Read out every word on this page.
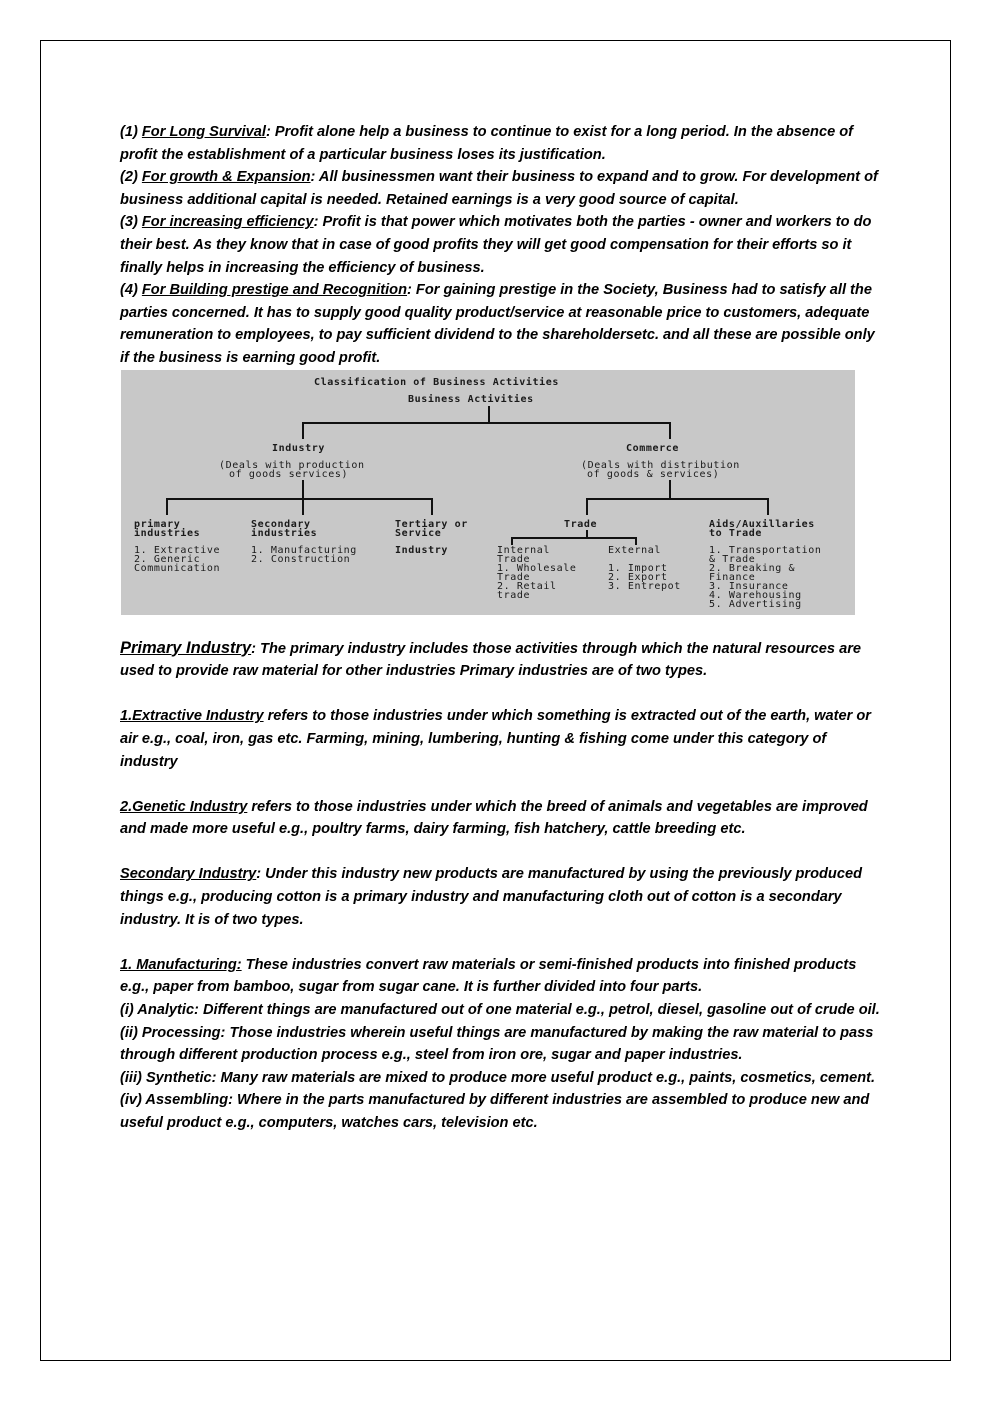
(1) For Long Survival: Profit alone help a business to continue to exist for a long period. In the absence of profit the establishment of a particular business loses its justification.

(2) For growth & Expansion: All businessmen want their business to expand and to grow. For development of business additional capital is needed. Retained earnings is a very good source of capital.

(3) For increasing efficiency: Profit is that power which motivates both the parties - owner and workers to do their best. As they know that in case of good profits they will get good compensation for their efforts so it finally helps in increasing the efficiency of business.

(4) For Building prestige and Recognition: For gaining prestige in the Society, Business had to satisfy all the parties concerned. It has to supply good quality product/service at reasonable price to customers, adequate remuneration to employees, to pay sufficient dividend to the shareholdersetc. and all these are possible only if the business is earning good profit.

Classification of Business Activities
Business Activities
Industry
(Deals with production
of goods services)
Commerce
(Deals with distribution
of goods & services)
primary
industries
1. Extractive
2. Generic
Communication
Secondary
industries
1. Manufacturing
2. Construction
Tertiary or
Service
Industry
Trade
Internal
Trade
1. Wholesale
Trade
2. Retail
trade
External
1. Import
2. Export
3. Entrepot
Aids/Auxillaries
to Trade
1. Transportation
& Trade
2. Breaking &
Finance
3. Insurance
4. Warehousing
5. Advertising

Primary Industry: The primary industry includes those activities through which the natural resources are used to provide raw material for other industries Primary industries are of two types.

1.Extractive Industry refers to those industries under which something is extracted out of the earth, water or air e.g., coal, iron, gas etc. Farming, mining, lumbering, hunting & fishing come under this category of industry

2.Genetic Industry refers to those industries under which the breed of animals and vegetables are improved and made more useful e.g., poultry farms, dairy farming, fish hatchery, cattle breeding etc.

Secondary Industry: Under this industry new products are manufactured by using the previously produced things e.g., producing cotton is a primary industry and manufacturing cloth out of cotton is a secondary industry. It is of two types.

1. Manufacturing: These industries convert raw materials or semi-finished products into finished products e.g., paper from bamboo, sugar from sugar cane. It is further divided into four parts.

(i) Analytic: Different things are manufactured out of one material e.g., petrol, diesel, gasoline out of crude oil.

(ii) Processing: Those industries wherein useful things are manufactured by making the raw material to pass through different production process e.g., steel from iron ore, sugar and paper industries.

(iii) Synthetic: Many raw materials are mixed to produce more useful product e.g., paints, cosmetics, cement.

(iv) Assembling: Where in the parts manufactured by different industries are assembled to produce new and useful product e.g., computers, watches cars, television etc.
